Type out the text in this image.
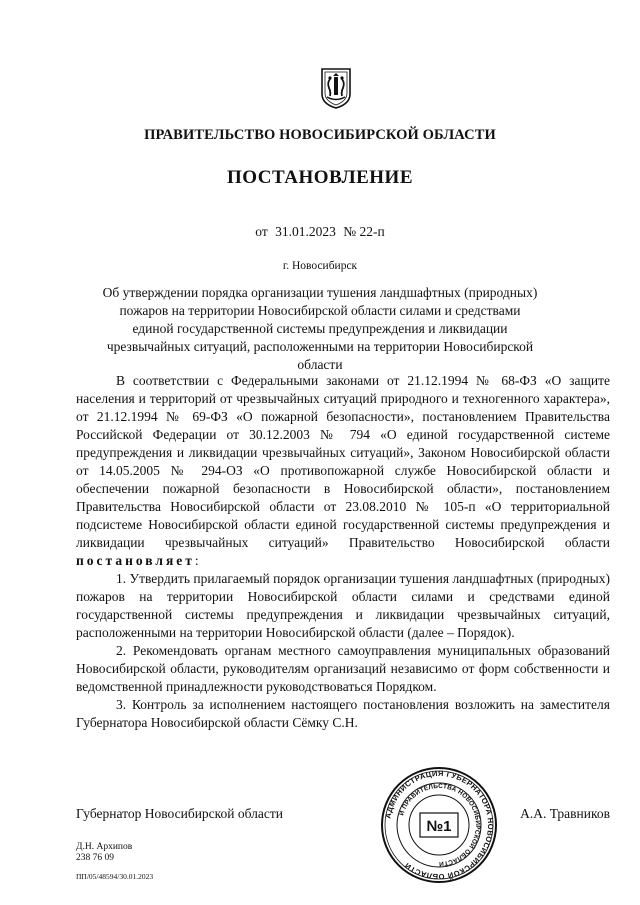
ПРАВИТЕЛЬСТВО НОВОСИБИРСКОЙ ОБЛАСТИ
ПОСТАНОВЛЕНИЕ
от 31.01.2023 № 22-п
г. Новосибирск
Об утверждении порядка организации тушения ландшафтных (природных) пожаров на территории Новосибирской области силами и средствами единой государственной системы предупреждения и ликвидации чрезвычайных ситуаций, расположенными на территории Новосибирской области

В соответствии с Федеральными законами от 21.12.1994 № 68-ФЗ «О защите населения и территорий от чрезвычайных ситуаций природного и техногенного характера», от 21.12.1994 № 69-ФЗ «О пожарной безопасности», постановлением Правительства Российской Федерации от 30.12.2003 № 794 «О единой государственной системе предупреждения и ликвидации чрезвычайных ситуаций», Законом Новосибирской области от 14.05.2005 № 294-ОЗ «О противопожарной службе Новосибирской области и обеспечении пожарной безопасности в Новосибирской области», постановлением Правительства Новосибирской области от 23.08.2010 № 105-п «О территориальной подсистеме Новосибирской области единой государственной системы предупреждения и ликвидации чрезвычайных ситуаций» Правительство Новосибирской области постановляет:

1. Утвердить прилагаемый порядок организации тушения ландшафтных (природных) пожаров на территории Новосибирской области силами и средствами единой государственной системы предупреждения и ликвидации чрезвычайных ситуаций, расположенными на территории Новосибирской области (далее – Порядок).

2. Рекомендовать органам местного самоуправления муниципальных образований Новосибирской области, руководителям организаций независимо от форм собственности и ведомственной принадлежности руководствоваться Порядком.

3. Контроль за исполнением настоящего постановления возложить на заместителя Губернатора Новосибирской области Сёмку С.Н.

Губернатор Новосибирской области	А.А. Травников
АДМИНИСТРАЦИЯ ГУБЕРНАТОРА НОВОСИБИРСКОЙ ОБЛАСТИ
И ПРАВИТЕЛЬСТВА НОВОСИБИРСКОЙ ОБЛАСТИ
№1
Д.Н. Архипов
238 76 09
ПП/05/48594/30.01.2023
